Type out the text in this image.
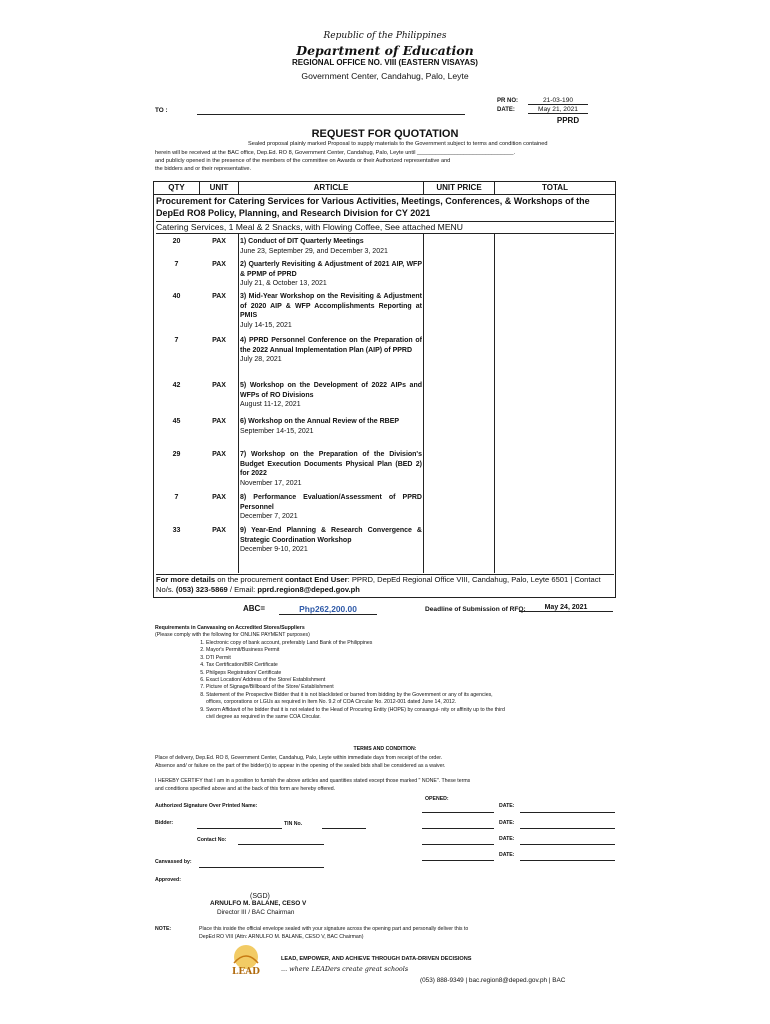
Republic of the Philippines
Department of Education
REGIONAL OFFICE NO. VIII (EASTERN VISAYAS)
Government Center, Candahug, Palo, Leyte
TO :
PR NO:	21-03-190
DATE:	May 21, 2021
PPRD
REQUEST FOR QUOTATION
Sealed proposal plainly marked Proposal to supply materials to the Government subject to terms and condition contained
herein will be received at the BAC office, Dep.Ed. RO 8, Government Center, Candahug, Palo, Leyte until _______________________________.
and publicly opened in the presence of the members of the committee on Awards or their Authorized representative and
the bidders and or their representative.
QTY	UNIT	ARTICLE	UNIT PRICE	TOTAL
Procurement for Catering Services for Various Activities, Meetings, Conferences, & Workshops of the DepEd RO8 Policy, Planning, and Research Division for CY 2021
Catering Services, 1 Meal & 2 Snacks, with Flowing Coffee, See attached MENU
20	PAX	1) Conduct of DIT Quarterly Meetings
June 23, September 29, and December 3, 2021
7	PAX	2) Quarterly Revisiting & Adjustment of 2021 AIP, WFP & PPMP of PPRD
July 21, & October 13, 2021
40	PAX	3) Mid-Year Workshop on the Revisiting & Adjustment of 2020 AIP & WFP Accomplishments Reporting at PMIS
July 14-15, 2021
7	PAX	4) PPRD Personnel Conference on the Preparation of the 2022 Annual Implementation Plan (AIP) of PPRD
July 28, 2021
42	PAX	5) Workshop on the Development of 2022 AIPs and WFPs of RO Divisions
August 11-12, 2021
45	PAX	6) Workshop on the Annual Review of the RBEP
September 14-15, 2021
29	PAX	7) Workshop on the Preparation of the Division's Budget Execution Documents Physical Plan (BED 2) for 2022
November 17, 2021
7	PAX	8) Performance Evaluation/Assessment of PPRD Personnel
December 7, 2021
33	PAX	9) Year-End Planning & Research Convergence & Strategic Coordination Workshop
December 9-10, 2021
For more details on the procurement contact End User: PPRD, DepEd Regional Office VIII, Candahug, Palo, Leyte 6501 | Contact No/s. (053) 323-5869 / Email: pprd.region8@deped.gov.ph
ABC=	Php262,200.00	Deadline of Submission of RFQ:	May 24, 2021
Requirements in Canvassing on Accredited Stores/Suppliers
(Please comply with the following for ONLINE PAYMENT purposes)
1. Electronic copy of bank account, preferably Land Bank of the Philippines
2. Mayor's Permit/Business Permit
3. DTI Permit
4. Tax Certification/BIR Certificate
5. Philgeps Registration/ Certificate
6. Exact Location/ Address of the Store/ Establishment
7. Picture of Signage/Billboard of the Store/ Establishment
8. Statement of the Prospective Bidder that it is not blacklisted or barred from bidding by the Government or any of its agencies, offices, corporations or LGUs as required in Item No. 9.2 of COA Circular No. 2012-001 dated June 14, 2012.
9. Sworn Affidavit of he bidder that it is not related to the Head of Procuring Entity (HOPE) by consangui- nity or affinity up to the third civil degree as required in the same COA Circular.
TERMS AND CONDITION:
Place of delivery, Dep.Ed. RO 8, Government Center, Candahug, Palo, Leyte within immediate days from receipt of the order.
Absence and/ or failure on the part of the bidder(s) to appear in the opening of the sealed bids shall be considered as a waiver.
I HEREBY CERTIFY that I am in a position to furnish the above articles and quantities stated except those marked " NONE". These terms
and conditions specified above and at the back of this form are hereby offered.
OPENED:
Authorized Signature Over Printed Name:	DATE:
Bidder:	TIN No.	DATE:
Contact No:	DATE:
DATE:
Canvassed by:
Approved:
(SGD)
ARNULFO M. BALANE, CESO V
Director III / BAC Chairman
NOTE:	Place this inside the official envelope sealed with your signature across the opening part and personally deliver this to
DepEd RO VIII (Attn: ARNULFO M. BALANE, CESO V, BAC Chairman)
LEAD
LEAD, EMPOWER, AND ACHIEVE THROUGH DATA-DRIVEN DECISIONS
... where LEADers create great schools
(053) 888-9349 | bac.region8@deped.gov.ph | BAC
